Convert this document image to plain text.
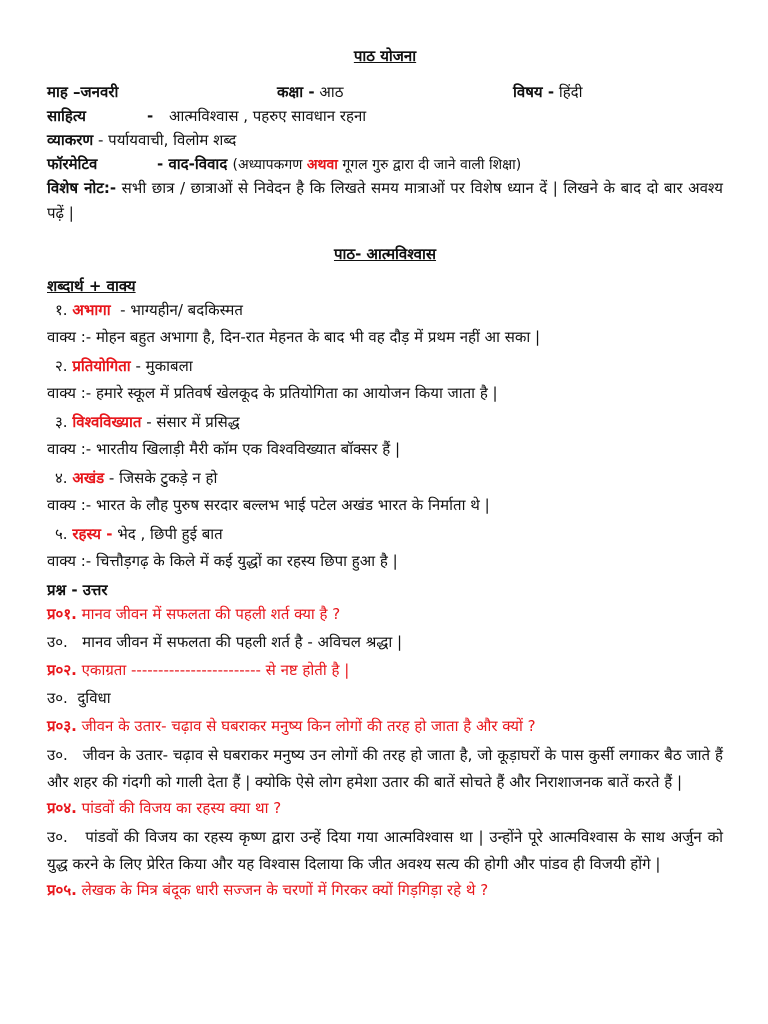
पाठ योजना
माह –जनवरी	कक्षा - आठ	विषय - हिंदी
साहित्य	- आत्मविश्वास , पहरुए सावधान रहना
व्याकरण - पर्यायवाची, विलोम शब्द
फॉरमेटिव	- वाद-विवाद (अध्यापकगण अथवा गूगल गुरु द्वारा दी जाने वाली शिक्षा)
विशेष नोट:- सभी छात्र / छात्राओं से निवेदन है कि लिखते समय मात्राओं पर विशेष ध्यान दें | लिखने के बाद दो बार अवश्य पढ़ें |
पाठ- आत्मविश्वास
शब्दार्थ + वाक्य
१. अभागा - भाग्यहीन/ बदकिस्मत
वाक्य :- मोहन बहुत अभागा है, दिन-रात मेहनत के बाद भी वह दौड़ में प्रथम नहीं आ सका |
२. प्रतियोगिता - मुकाबला
वाक्य :- हमारे स्कूल में प्रतिवर्ष खेलकूद के प्रतियोगिता का आयोजन किया जाता है |
३. विश्वविख्यात - संसार में प्रसिद्ध
वाक्य :- भारतीय खिलाड़ी मैरी कॉम एक विश्वविख्यात बॉक्सर हैं |
४. अखंड - जिसके टुकड़े न हो
वाक्य :- भारत के लौह पुरुष सरदार बल्लभ भाई पटेल अखंड भारत के निर्माता थे |
५. रहस्य - भेद , छिपी हुई बात
वाक्य :- चित्तौड़गढ़ के किले में कई युद्धों का रहस्य छिपा हुआ है |
प्रश्न - उत्तर
प्र०१. मानव जीवन में सफलता की पहली शर्त क्या है ?
उ०. मानव जीवन में सफलता की पहली शर्त है - अविचल श्रद्धा |
प्र०२. एकाग्रता ------------------------ से नष्ट होती है |
उ०. दुविधा
प्र०३. जीवन के उतार- चढ़ाव से घबराकर मनुष्य किन लोगों की तरह हो जाता है और क्यों ?
उ०. जीवन के उतार- चढ़ाव से घबराकर मनुष्य उन लोगों की तरह हो जाता है, जो कूड़ाघरों के पास कुर्सी लगाकर बैठ जाते हैं और शहर की गंदगी को गाली देता हैं | क्योकि ऐसे लोग हमेशा उतार की बातें सोचते हैं और निराशाजनक बातें करते हैं |
प्र०४. पांडवों की विजय का रहस्य क्या था ?
उ०. पांडवों की विजय का रहस्य कृष्ण द्वारा उन्हें दिया गया आत्मविश्वास था | उन्होंने पूरे आत्मविश्वास के साथ अर्जुन को युद्ध करने के लिए प्रेरित किया और यह विश्वास दिलाया कि जीत अवश्य सत्य की होगी और पांडव ही विजयी होंगे |
प्र०५. लेखक के मित्र बंदूक धारी सज्जन के चरणों में गिरकर क्यों गिड़गिड़ा रहे थे ?
